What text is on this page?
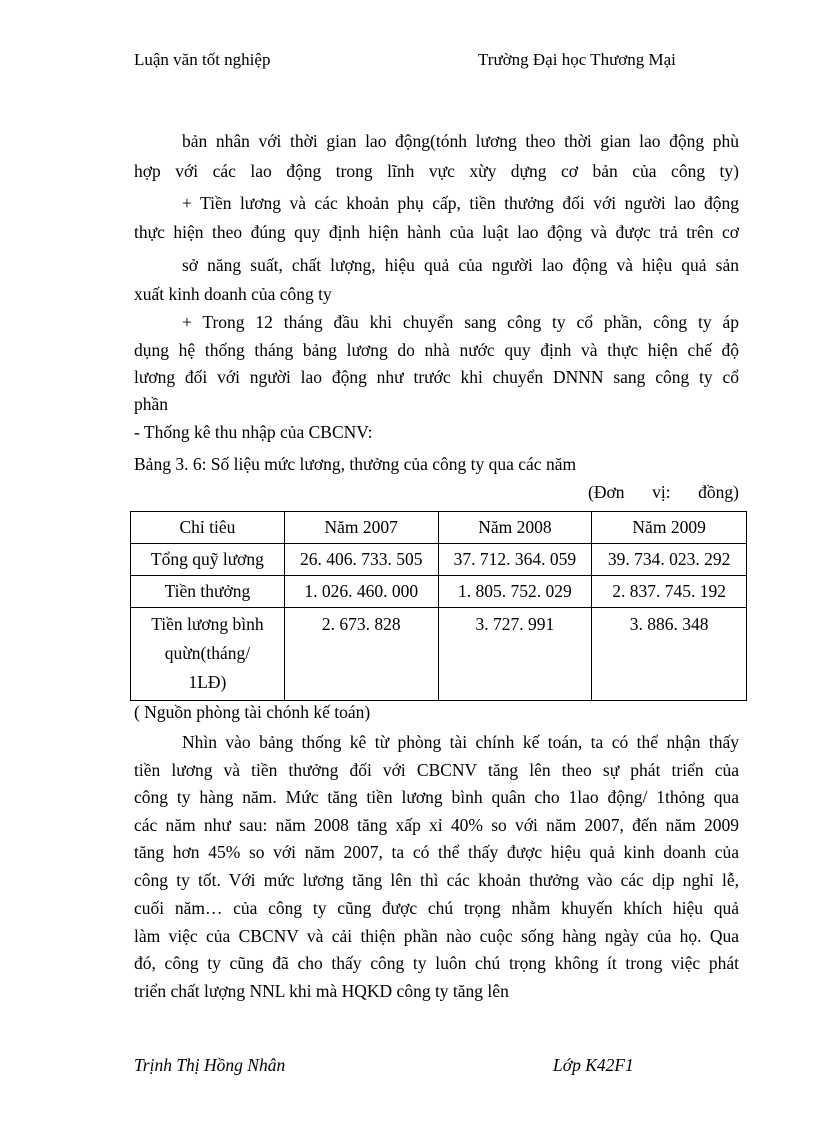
Luận văn tốt nghiệp	Trường Đại học Thương Mại
bản nhân với thời gian lao động(tónh lương theo thời gian lao động phù
hợp với các lao động trong lĩnh vực xừy dựng cơ bản của công ty)
+ Tiền lương và các khoản phụ cấp, tiền thưởng đối với người lao động
thực hiện theo đúng quy định hiện hành của luật lao động và được trả trên cơ
sở năng suất, chất lượng, hiệu quả của người lao động và hiệu quả sản
xuất kinh doanh của công ty
+ Trong 12 tháng đầu khi chuyển sang công ty cổ phần, công ty áp
dụng hệ thống tháng bảng lương do nhà nước quy định và thực hiện chế độ
lương đối với người lao động như trước khi chuyển DNNN sang công ty cổ
phần
- Thống kê thu nhập của CBCNV:
Bảng 3. 6: Số liệu mức lương, thưởng của công ty qua các năm
(Đơn vị: đồng)
Chỉ tiêu	Năm 2007	Năm 2008	Năm 2009
Tổng quỹ lương	26. 406. 733. 505	37. 712. 364. 059	39. 734. 023. 292
Tiền thưởng	1. 026. 460. 000	1. 805. 752. 029	2. 837. 745. 192

Tiền lương bình
quừn(tháng/
1LĐ)	2. 673. 828	3. 727. 991	3. 886. 348
( Nguồn phòng tài chónh kế toán)
Nhìn vào bảng thống kê từ phòng tài chính kế toán, ta có thể nhận thấy
tiền lương và tiền thưởng đối với CBCNV tăng lên theo sự phát triển của
công ty hàng năm. Mức tăng tiền lương bình quân cho 1lao động/ 1thỏng qua
các năm như sau: năm 2008 tăng xấp xỉ 40% so với năm 2007, đến năm 2009
tăng hơn 45% so với năm 2007, ta có thể thấy được hiệu quả kinh doanh của
công ty tốt. Với mức lương tăng lên thì các khoản thưởng vào các dịp nghỉ lễ,
cuối năm… của công ty cũng được chú trọng nhằm khuyến khích hiệu quả
làm việc của CBCNV và cải thiện phần nào cuộc sống hàng ngày của họ. Qua
đó, công ty cũng đã cho thấy công ty luôn chú trọng không ít trong việc phát
triển chất lượng NNL khi mà HQKD công ty tăng lên
Trịnh Thị Hồng Nhân	Lớp K42F1
